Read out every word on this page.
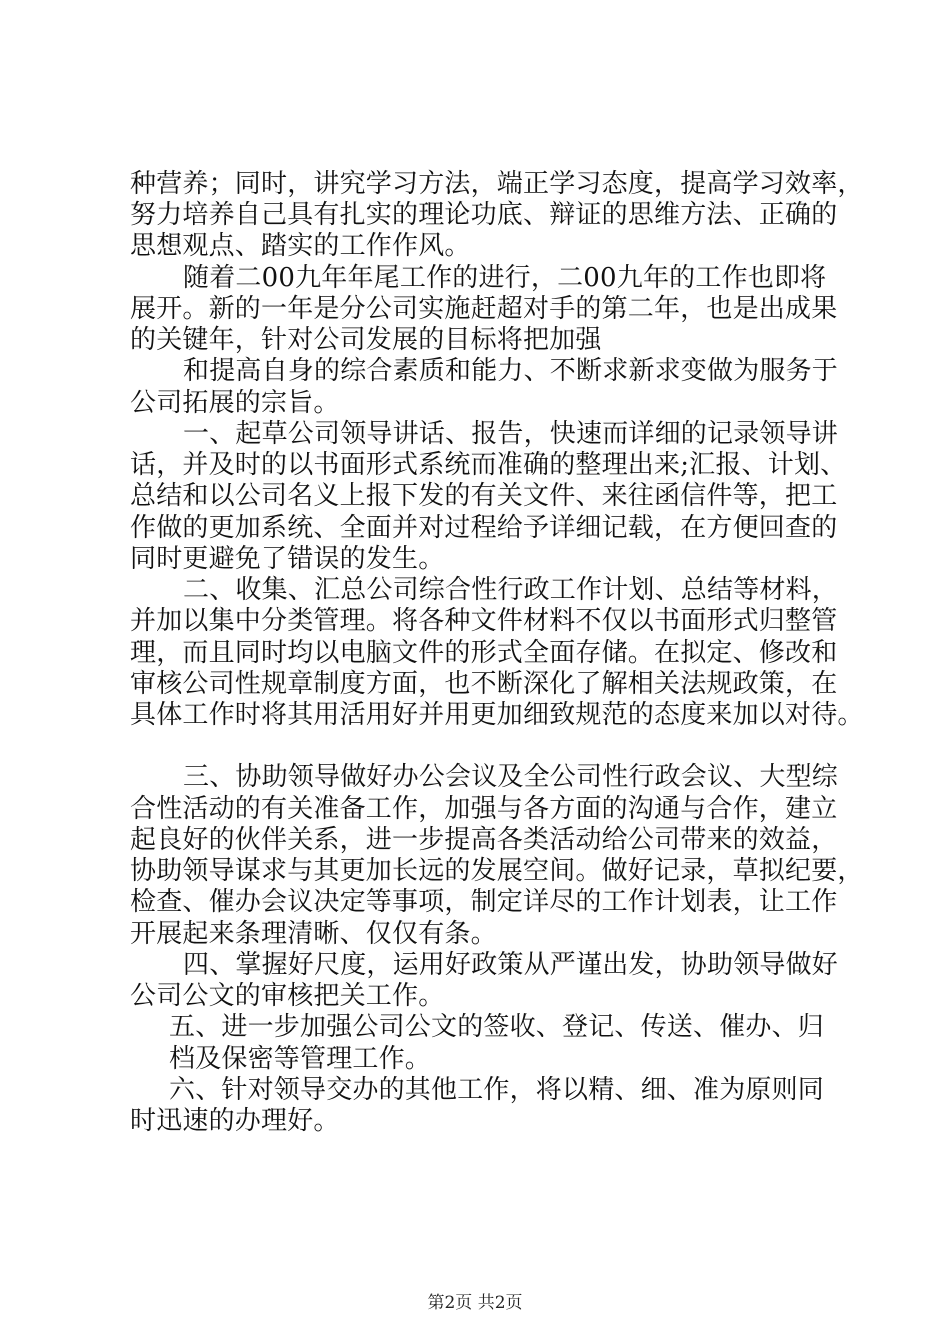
种营养；同时，讲究学习方法，端正学习态度，提高学习效率，
努力培养自己具有扎实的理论功底、辩证的思维方法、正确的
思想观点、踏实的工作作风。
随着二00九年年尾工作的进行，二00九年的工作也即将
展开。新的一年是分公司实施赶超对手的第二年，也是出成果
的关键年，针对公司发展的目标将把加强
和提高自身的综合素质和能力、不断求新求变做为服务于
公司拓展的宗旨。
一、起草公司领导讲话、报告，快速而详细的记录领导讲
话，并及时的以书面形式系统而准确的整理出来;汇报、计划、
总结和以公司名义上报下发的有关文件、来往函信件等，把工
作做的更加系统、全面并对过程给予详细记载，在方便回查的
同时更避免了错误的发生。
二、收集、汇总公司综合性行政工作计划、总结等材料，
并加以集中分类管理。将各种文件材料不仅以书面形式归整管
理，而且同时均以电脑文件的形式全面存储。在拟定、修改和
审核公司性规章制度方面，也不断深化了解相关法规政策，在
具体工作时将其用活用好并用更加细致规范的态度来加以对待。
三、协助领导做好办公会议及全公司性行政会议、大型综
合性活动的有关准备工作，加强与各方面的沟通与合作，建立
起良好的伙伴关系，进一步提高各类活动给公司带来的效益，
协助领导谋求与其更加长远的发展空间。做好记录，草拟纪要，
检查、催办会议决定等事项，制定详尽的工作计划表，让工作
开展起来条理清晰、仅仅有条。
四、掌握好尺度，运用好政策从严谨出发，协助领导做好
公司公文的审核把关工作。
五、进一步加强公司公文的签收、登记、传送、催办、归
档及保密等管理工作。
六、针对领导交办的其他工作，将以精、细、准为原则同
时迅速的办理好。
第2页 共2页
